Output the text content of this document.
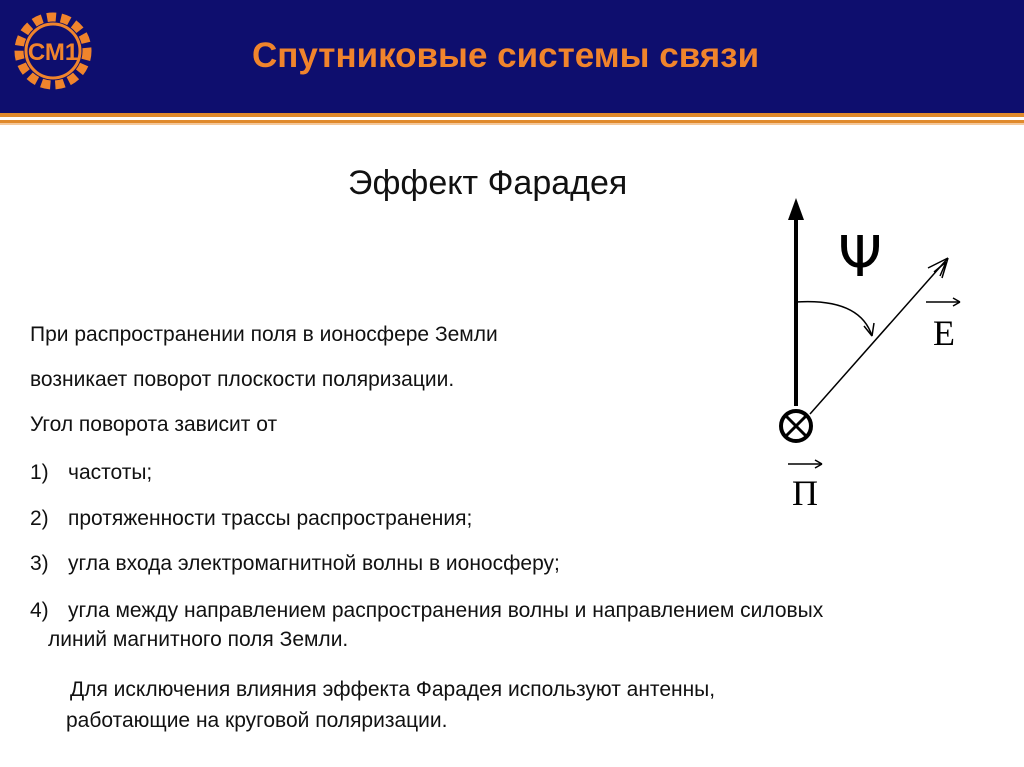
СМ1	Спутниковые системы связи
Эффект Фарадея
При распространении поля в ионосфере Земли
возникает поворот плоскости поляризации.
Угол поворота зависит от
1) частоты;
2) протяженности трассы распространения;
3) угла входа электромагнитной волны в ионосферу;
4) угла между направлением распространения волны и направлением силовых
линий магнитного поля Земли.
Для исключения влияния эффекта Фарадея используют антенны,
работающие на круговой поляризации.
Ψ
E
П
